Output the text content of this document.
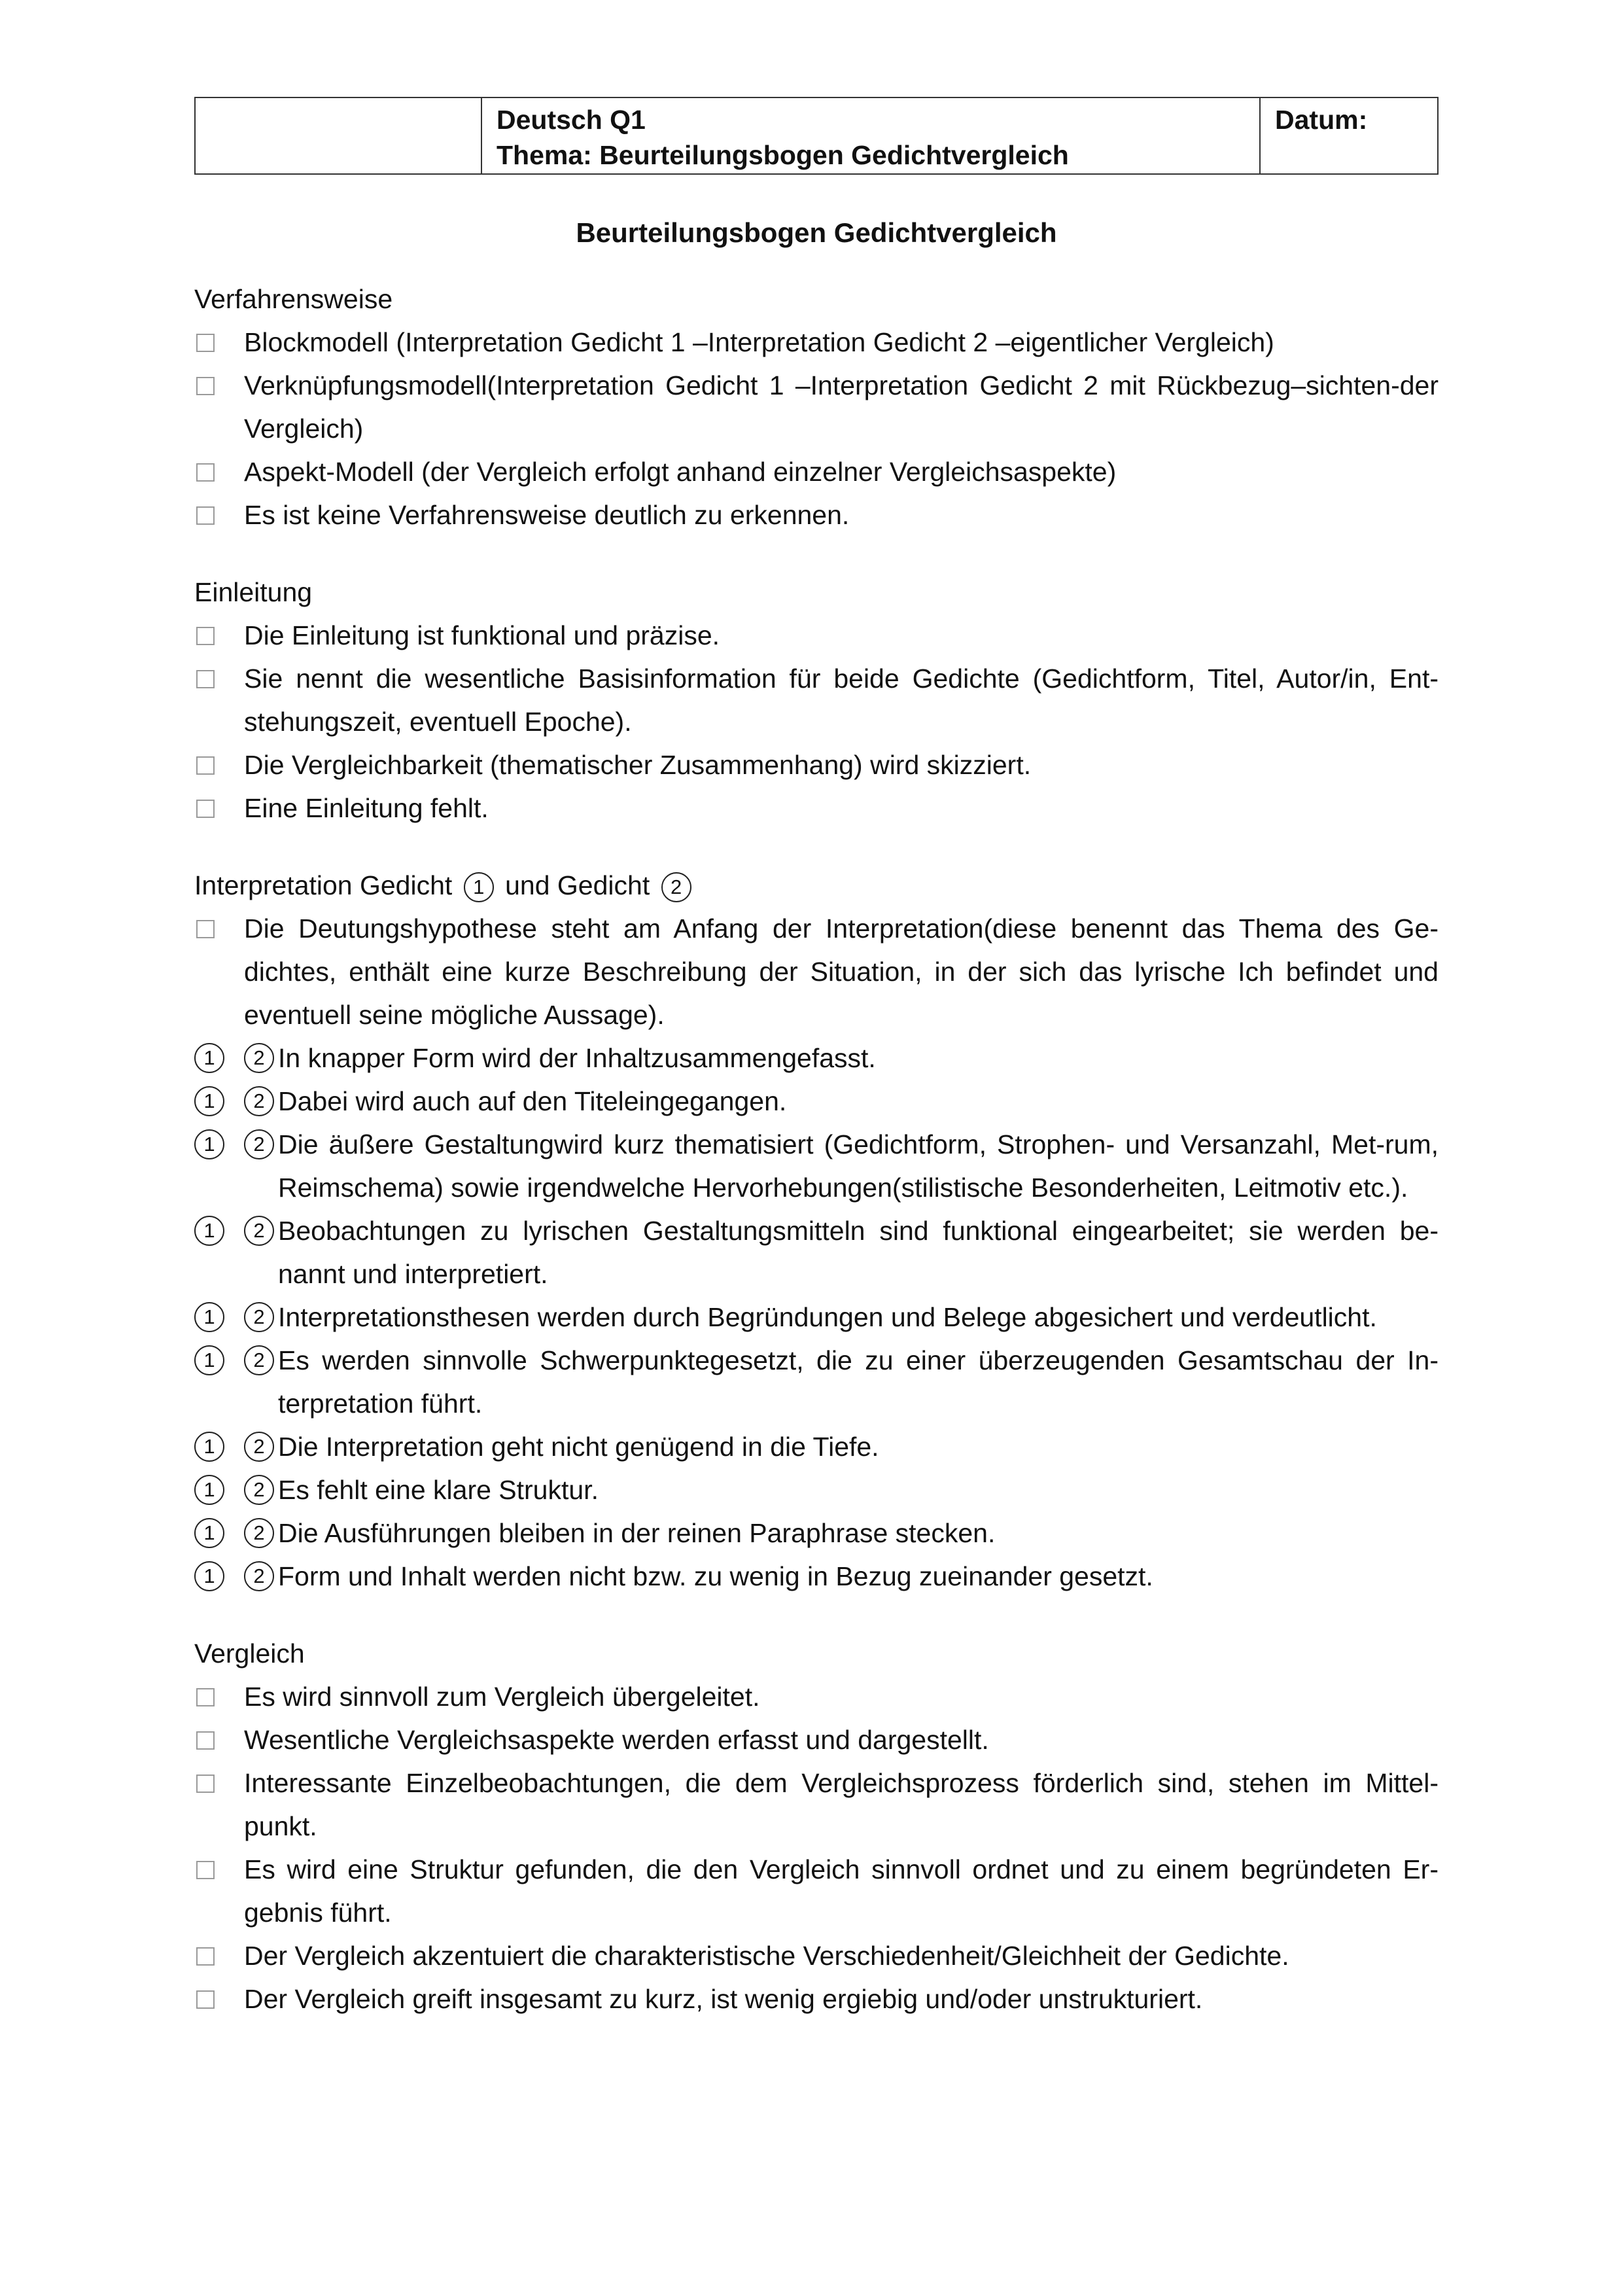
Deutsch Q1
Thema: Beurteilungsbogen Gedichtvergleich
Datum:
Beurteilungsbogen Gedichtvergleich
Verfahrensweise
Blockmodell (Interpretation Gedicht 1 –Interpretation Gedicht 2 –eigentlicher Vergleich)
Verknüpfungsmodell(Interpretation Gedicht 1 –Interpretation Gedicht 2 mit Rückbezug–sichten-der Vergleich)
Aspekt-Modell (der Vergleich erfolgt anhand einzelner Vergleichsaspekte)
Es ist keine Verfahrensweise deutlich zu erkennen.
Einleitung
Die Einleitung ist funktional und präzise.
Sie nennt die wesentliche Basisinformation für beide Gedichte (Gedichtform, Titel, Autor/in, Ent-stehungszeit, eventuell Epoche).
Die Vergleichbarkeit (thematischer Zusammenhang) wird skizziert.
Eine Einleitung fehlt.
Interpretation Gedicht 1 und Gedicht 2
Die Deutungshypothese steht am Anfang der Interpretation(diese benennt das Thema des Ge-dichtes, enthält eine kurze Beschreibung der Situation, in der sich das lyrische Ich befindet und eventuell seine mögliche Aussage).
1	2 In knapper Form wird der Inhaltzusammengefasst.
1	2 Dabei wird auch auf den Titeleingegangen.
1	2 Die äußere Gestaltungwird kurz thematisiert (Gedichtform, Strophen- und Versanzahl, Met-rum, Reimschema) sowie irgendwelche Hervorhebungen(stilistische Besonderheiten, Leitmotiv etc.).
1	2 Beobachtungen zu lyrischen Gestaltungsmitteln sind funktional eingearbeitet; sie werden be-nannt und interpretiert.
1	2 Interpretationsthesen werden durch Begründungen und Belege abgesichert und verdeutlicht.
1	2 Es werden sinnvolle Schwerpunktegesetzt, die zu einer überzeugenden Gesamtschau der In-terpretation führt.
1	2 Die Interpretation geht nicht genügend in die Tiefe.
1	2 Es fehlt eine klare Struktur.
1	2 Die Ausführungen bleiben in der reinen Paraphrase stecken.
1	2 Form und Inhalt werden nicht bzw. zu wenig in Bezug zueinander gesetzt.
Vergleich
Es wird sinnvoll zum Vergleich übergeleitet.
Wesentliche Vergleichsaspekte werden erfasst und dargestellt.
Interessante Einzelbeobachtungen, die dem Vergleichsprozess förderlich sind, stehen im Mittel-punkt.
Es wird eine Struktur gefunden, die den Vergleich sinnvoll ordnet und zu einem begründeten Er-gebnis führt.
Der Vergleich akzentuiert die charakteristische Verschiedenheit/Gleichheit der Gedichte.
Der Vergleich greift insgesamt zu kurz, ist wenig ergiebig und/oder unstrukturiert.
